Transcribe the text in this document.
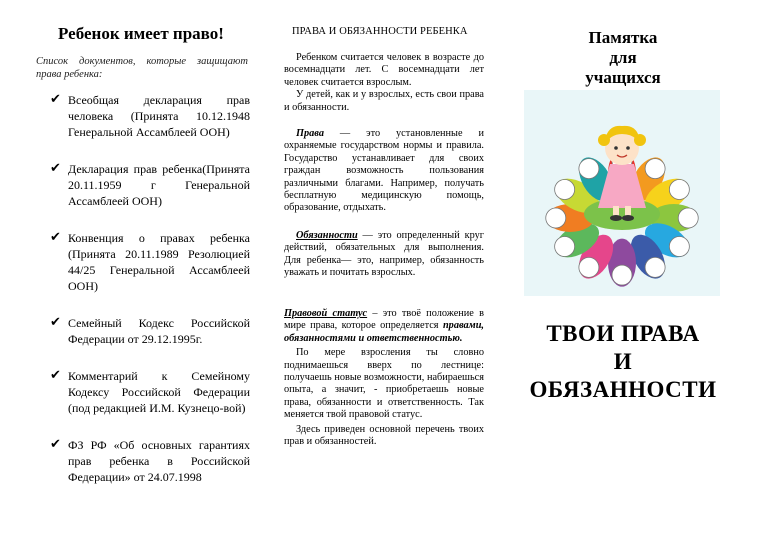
Ребенок имеет право!
Список документов, которые защищают права ребенка:
✔ Всеобщая декларация прав человека (Принята 10.12.1948 Генеральной Ассамблеей ООН)
✔ Декларация прав ребенка(Принята 20.11.1959 г Генеральной Ассамблеей ООН)
✔ Конвенция о правах ребенка (Принята 20.11.1989 Резолюцией 44/25 Генеральной Ассамблеей ООН)
✔ Семейный Кодекс Российской Федерации от 29.12.1995г.
✔ Комментарий к Семейному Кодексу Российской Федерации (под редакцией И.М. Кузнецо-вой)
✔ ФЗ РФ «Об основных гарантиях прав ребенка в Российской Федерации» от 24.07.1998
ПРАВА И ОБЯЗАННОСТИ РЕБЕНКА

Ребенком считается человек в возрасте до восемнадцати лет. С восемнадцати лет человек считается взрослым.

У детей, как и у взрослых, есть свои права и обязанности.

Права — это установленные и охраняемые государством нормы и правила. Государство устанавливает для своих граждан возможность пользования различными благами. Например, получать бесплатную медицинскую помощь, образование, отдыхать.

Обязанности — это определенный круг действий, обязательных для выполнения. Для ребенка— это, например, обязанность уважать и почитать взрослых.

Правовой статус – это твоё положение в мире права, которое определяется правами, обязанностями и ответственностью.

По мере взросления ты словно поднимаешься вверх по лестнице: получаешь новые возможности, набираешься опыта, а значит, - приобретаешь новые права, обязанности и ответственность. Так меняется твой правовой статус.

Здесь приведен основной перечень твоих прав и обязанностей.

Памятка
для
учащихся
ТВОИ ПРАВА
И
ОБЯЗАННОСТИ
